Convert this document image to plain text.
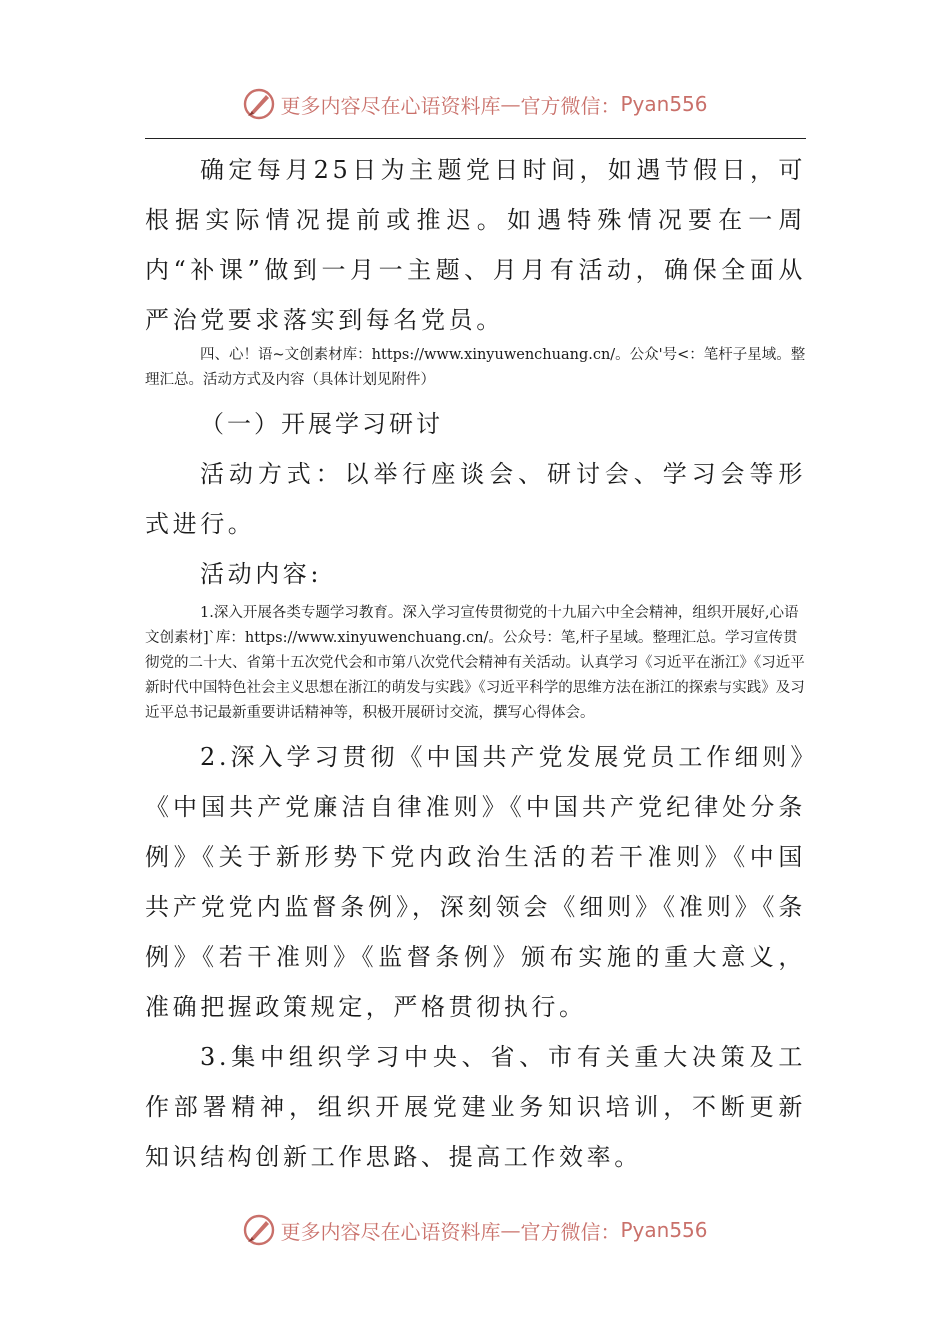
更多内容尽在心语资料库 — 官方微信： Pyan556

确定每月25日为主题党日时间，如遇节假日，可根据实际情况提前或推迟。如遇特殊情况要在一周内“补课”做到一月一主题、月月有活动，确保全面从严治党要求落实到每名党员。

四、心！语~文创素材库：https://www.xinyuwenchuang.cn/。公众'号<：笔杆子星域。整理汇总。活动方式及内容（具体计划见附件）

（一）开展学习研讨

活动方式：以举行座谈会、研讨会、学习会等形式进行。

活动内容:

1.深入开展各类专题学习教育。深入学习宣传贯彻党的十九届六中全会精神，组织开展好,心语文创素材]`库：https://www.xinyuwenchuang.cn/。公众号：笔,杆子星域。整理汇总。学习宣传贯彻党的二十大、省第十五次党代会和市第八次党代会精神有关活动。认真学习《习近平在浙江》《习近平新时代中国特色社会主义思想在浙江的萌发与实践》《习近平科学的思维方法在浙江的探索与实践》及习近平总书记最新重要讲话精神等，积极开展研讨交流，撰写心得体会。

2.深入学习贯彻《中国共产党发展党员工作细则》《中国共产党廉洁自律准则》《中国共产党纪律处分条例》《关于新形势下党内政治生活的若干准则》《中国共产党党内监督条例》，深刻领会《细则》《准则》《条例》《若干准则》《监督条例》颁布实施的重大意义，准确把握政策规定，严格贯彻执行。

3.集中组织学习中央、省、市有关重大决策及工作部署精神，组织开展党建业务知识培训，不断更新知识结构创新工作思路、提高工作效率。

更多内容尽在心语资料库 — 官方微信： Pyan556
